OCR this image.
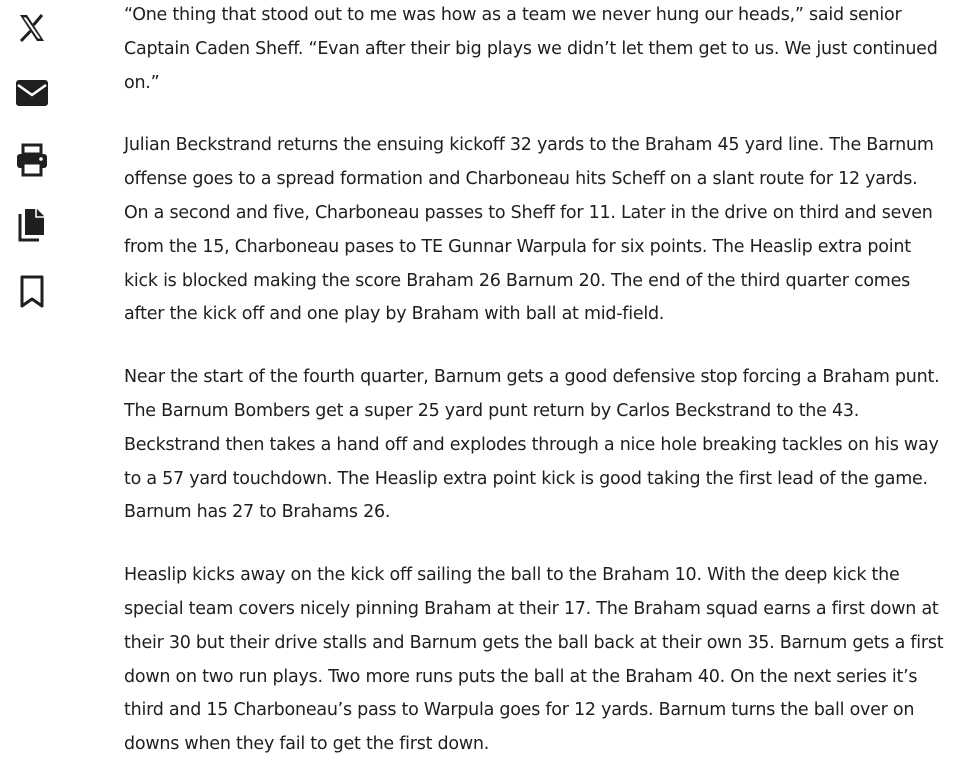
“One thing that stood out to me was how as a team we never hung our heads,” said senior Captain Caden Sheff. “Evan after their big plays we didn’t let them get to us. We just continued on.”

Julian Beckstrand returns the ensuing kickoff 32 yards to the Braham 45 yard line. The Barnum offense goes to a spread formation and Charboneau hits Scheff on a slant route for 12 yards. On a second and five, Charboneau passes to Sheff for 11. Later in the drive on third and seven from the 15, Charboneau pases to TE Gunnar Warpula for six points. The Heaslip extra point kick is blocked making the score Braham 26 Barnum 20. The end of the third quarter comes after the kick off and one play by Braham with ball at mid-field.

Near the start of the fourth quarter, Barnum gets a good defensive stop forcing a Braham punt. The Barnum Bombers get a super 25 yard punt return by Carlos Beckstrand to the 43. Beckstrand then takes a hand off and explodes through a nice hole breaking tackles on his way to a 57 yard touchdown. The Heaslip extra point kick is good taking the first lead of the game. Barnum has 27 to Brahams 26.

Heaslip kicks away on the kick off sailing the ball to the Braham 10. With the deep kick the special team covers nicely pinning Braham at their 17. The Braham squad earns a first down at their 30 but their drive stalls and Barnum gets the ball back at their own 35. Barnum gets a first down on two run plays. Two more runs puts the ball at the Braham 40. On the next series it’s third and 15 Charboneau’s pass to Warpula goes for 12 yards. Barnum turns the ball over on downs when they fail to get the first down.
